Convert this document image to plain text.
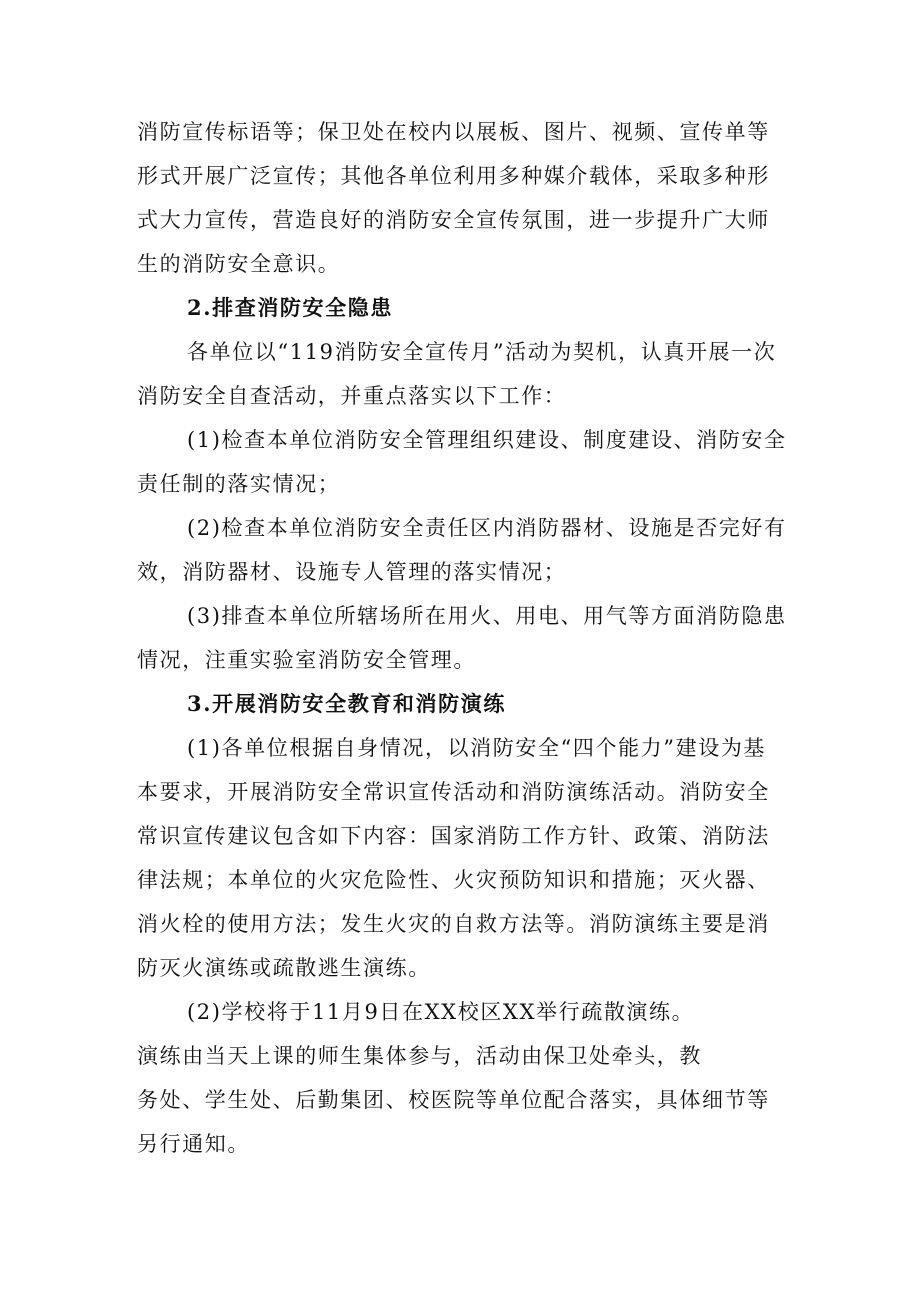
消防宣传标语等；保卫处在校内以展板、图片、视频、宣传单等
形式开展广泛宣传；其他各单位利用多种媒介载体，采取多种形
式大力宣传，营造良好的消防安全宣传氛围，进一步提升广大师
生的消防安全意识。
2.排查消防安全隐患
各单位以“119消防安全宣传月”活动为契机，认真开展一次
消防安全自查活动，并重点落实以下工作：
(1)检查本单位消防安全管理组织建设、制度建设、消防安全
责任制的落实情况；
(2)检查本单位消防安全责任区内消防器材、设施是否完好有
效，消防器材、设施专人管理的落实情况；
(3)排查本单位所辖场所在用火、用电、用气等方面消防隐患
情况，注重实验室消防安全管理。
3.开展消防安全教育和消防演练
(1)各单位根据自身情况，以消防安全“四个能力”建设为基
本要求，开展消防安全常识宣传活动和消防演练活动。消防安全
常识宣传建议包含如下内容：国家消防工作方针、政策、消防法
律法规；本单位的火灾危险性、火灾预防知识和措施；灭火器、
消火栓的使用方法；发生火灾的自救方法等。消防演练主要是消
防灭火演练或疏散逃生演练。
(2)学校将于11月9日在XX校区XX举行疏散演练。
演练由当天上课的师生集体参与，活动由保卫处牵头，教
务处、学生处、后勤集团、校医院等单位配合落实，具体细节等
另行通知。
